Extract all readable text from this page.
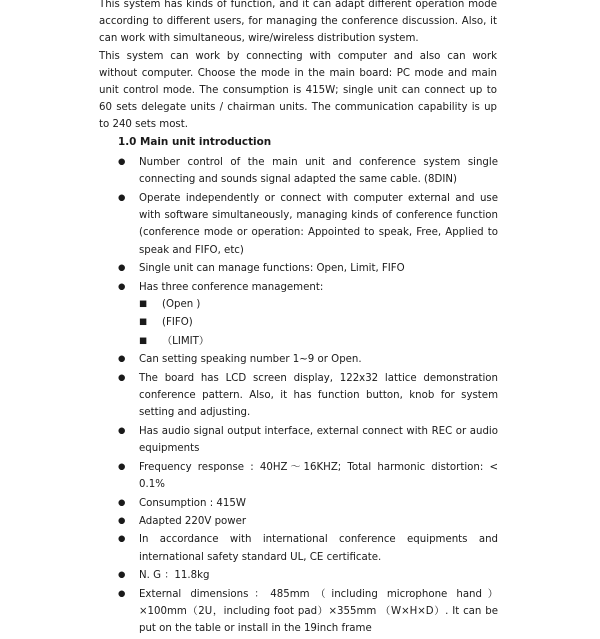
This system has kinds of function, and it can adapt different operation mode according to different users, for managing the conference discussion. Also, it can work with simultaneous, wire/wireless distribution system.

This system can work by connecting with computer and also can work without computer. Choose the mode in the main board: PC mode and main unit control mode. The consumption is 415W; single unit can connect up to 60 sets delegate units / chairman units. The communication capability is up to 240 sets most.

1.0 Main unit introduction
● Number control of the main unit and conference system single connecting and sounds signal adapted the same cable. (8DIN)
● Operate independently or connect with computer external and use with software simultaneously, managing kinds of conference function (conference mode or operation: Appointed to speak, Free, Applied to speak and FIFO, etc)
● Single unit can manage functions: Open, Limit, FIFO
● Has three conference management:
■ (Open )
■ (FIFO)
■ （LIMIT）
● Can setting speaking number 1~9 or Open.
● The board has LCD screen display, 122x32 lattice demonstration conference pattern. Also, it has function button, knob for system setting and adjusting.
● Has audio signal output interface, external connect with REC or audio equipments
● Frequency response : 40HZ～16KHZ; Total harmonic distortion: < 0.1%
● Consumption : 415W
● Adapted 220V power
● In accordance with international conference equipments and international safety standard UL, CE certificate.
● N. G ：11.8kg
● External dimensions：485mm（including microphone hand）×100mm（2U，including foot pad）×355mm （W×H×D）. It can be put on the table or install in the 19inch frame
